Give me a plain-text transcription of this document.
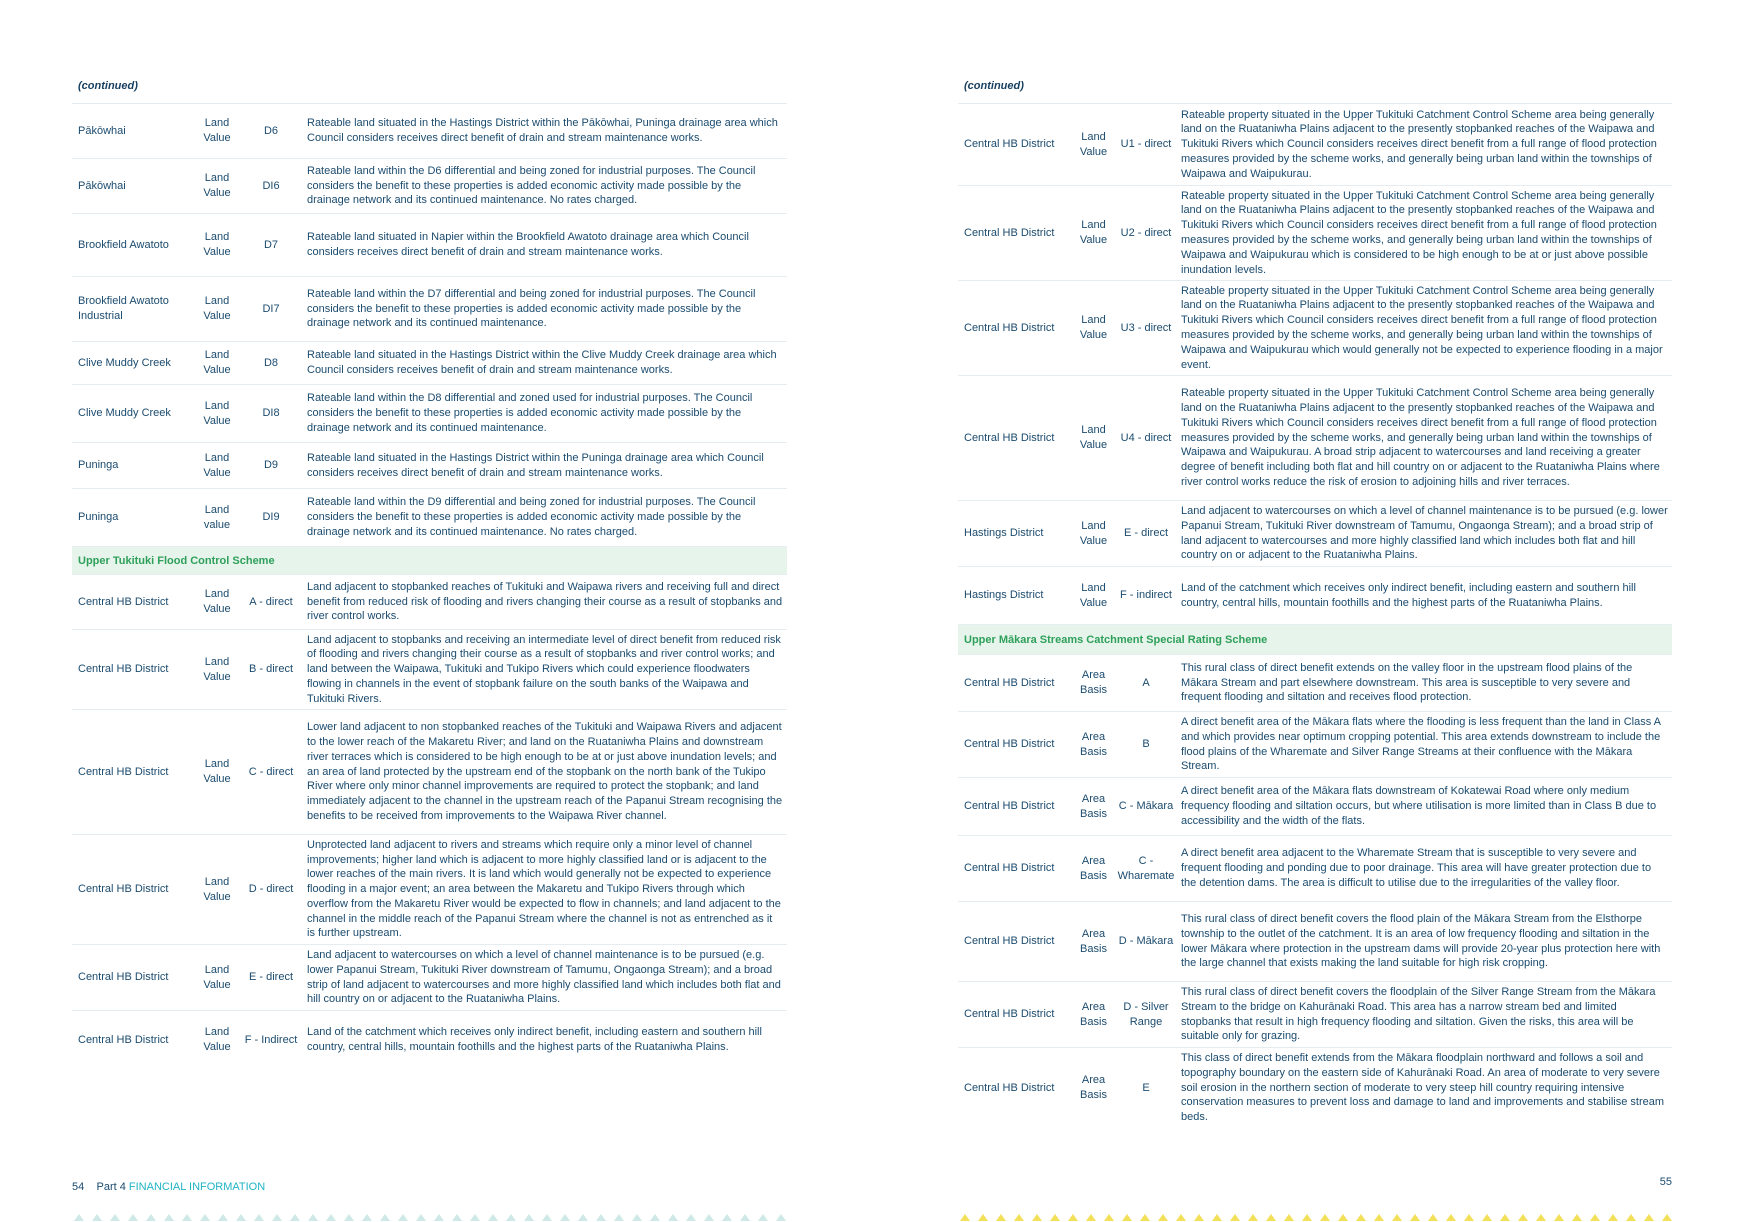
(continued)
Pākōwhai
Land Value
D6
Rateable land situated in the Hastings District within the Pākōwhai, Puninga drainage area which Council considers receives direct benefit of drain and stream maintenance works.
Pākōwhai
Land Value
DI6
Rateable land within the D6 differential and being zoned for industrial purposes. The Council considers the benefit to these properties is added economic activity made possible by the drainage network and its continued maintenance. No rates charged.
Brookfield Awatoto
Land Value
D7
Rateable land situated in Napier within the Brookfield Awatoto drainage area which Council considers receives direct benefit of drain and stream maintenance works.
Brookfield Awatoto Industrial
Land Value
DI7
Rateable land within the D7 differential and being zoned for industrial purposes. The Council considers the benefit to these properties is added economic activity made possible by the drainage network and its continued maintenance.
Clive Muddy Creek
Land Value
D8
Rateable land situated in the Hastings District within the Clive Muddy Creek drainage area which Council considers receives benefit of drain and stream maintenance works.
Clive Muddy Creek
Land Value
DI8
Rateable land within the D8 differential and zoned used for industrial purposes. The Council considers the benefit to these properties is added economic activity made possible by the drainage network and its continued maintenance.
Puninga
Land Value
D9
Rateable land situated in the Hastings District within the Puninga drainage area which Council considers receives direct benefit of drain and stream maintenance works.
Puninga
Land value
DI9
Rateable land within the D9 differential and being zoned for industrial purposes. The Council considers the benefit to these properties is added economic activity made possible by the drainage network and its continued maintenance. No rates charged.
Upper Tukituki Flood Control Scheme
Central HB District
Land Value
A - direct
Land adjacent to stopbanked reaches of Tukituki and Waipawa rivers and receiving full and direct benefit from reduced risk of flooding and rivers changing their course as a result of stopbanks and river control works.
Central HB District
Land Value
B - direct
Land adjacent to stopbanks and receiving an intermediate level of direct benefit from reduced risk of flooding and rivers changing their course as a result of stopbanks and river control works; and land between the Waipawa, Tukituki and Tukipo Rivers which could experience floodwaters flowing in channels in the event of stopbank failure on the south banks of the Waipawa and Tukituki Rivers.
Central HB District
Land Value
C - direct
Lower land adjacent to non stopbanked reaches of the Tukituki and Waipawa Rivers and adjacent to the lower reach of the Makaretu River; and land on the Ruataniwha Plains and downstream river terraces which is considered to be high enough to be at or just above inundation levels; and an area of land protected by the upstream end of the stopbank on the north bank of the Tukipo River where only minor channel improvements are required to protect the stopbank; and land immediately adjacent to the channel in the upstream reach of the Papanui Stream recognising the benefits to be received from improvements to the Waipawa River channel.
Central HB District
Land Value
D - direct
Unprotected land adjacent to rivers and streams which require only a minor level of channel improvements; higher land which is adjacent to more highly classified land or is adjacent to the lower reaches of the main rivers. It is land which would generally not be expected to experience flooding in a major event; an area between the Makaretu and Tukipo Rivers through which overflow from the Makaretu River would be expected to flow in channels; and land adjacent to the channel in the middle reach of the Papanui Stream where the channel is not as entrenched as it is further upstream.
Central HB District
Land Value
E - direct
Land adjacent to watercourses on which a level of channel maintenance is to be pursued (e.g. lower Papanui Stream, Tukituki River downstream of Tamumu, Ongaonga Stream); and a broad strip of land adjacent to watercourses and more highly classified land which includes both flat and hill country on or adjacent to the Ruataniwha Plains.
Central HB District
Land Value
F - Indirect
Land of the catchment which receives only indirect benefit, including eastern and southern hill country, central hills, mountain foothills and the highest parts of the Ruataniwha Plains.
54 Part 4 FINANCIAL INFORMATION
(continued)
Central HB District
Land Value
U1 - direct
Rateable property situated in the Upper Tukituki Catchment Control Scheme area being generally land on the Ruataniwha Plains adjacent to the presently stopbanked reaches of the Waipawa and Tukituki Rivers which Council considers receives direct benefit from a full range of flood protection measures provided by the scheme works, and generally being urban land within the townships of Waipawa and Waipukurau.
Central HB District
Land Value
U2 - direct
Rateable property situated in the Upper Tukituki Catchment Control Scheme area being generally land on the Ruataniwha Plains adjacent to the presently stopbanked reaches of the Waipawa and Tukituki Rivers which Council considers receives direct benefit from a full range of flood protection measures provided by the scheme works, and generally being urban land within the townships of Waipawa and Waipukurau which is considered to be high enough to be at or just above possible inundation levels.
Central HB District
Land Value
U3 - direct
Rateable property situated in the Upper Tukituki Catchment Control Scheme area being generally land on the Ruataniwha Plains adjacent to the presently stopbanked reaches of the Waipawa and Tukituki Rivers which Council considers receives direct benefit from a full range of flood protection measures provided by the scheme works, and generally being urban land within the townships of Waipawa and Waipukurau which would generally not be expected to experience flooding in a major event.
Central HB District
Land Value
U4 - direct
Rateable property situated in the Upper Tukituki Catchment Control Scheme area being generally land on the Ruataniwha Plains adjacent to the presently stopbanked reaches of the Waipawa and Tukituki Rivers which Council considers receives direct benefit from a full range of flood protection measures provided by the scheme works, and generally being urban land within the townships of Waipawa and Waipukurau. A broad strip adjacent to watercourses and land receiving a greater degree of benefit including both flat and hill country on or adjacent to the Ruataniwha Plains where river control works reduce the risk of erosion to adjoining hills and river terraces.
Hastings District
Land Value
E - direct
Land adjacent to watercourses on which a level of channel maintenance is to be pursued (e.g. lower Papanui Stream, Tukituki River downstream of Tamumu, Ongaonga Stream); and a broad strip of land adjacent to watercourses and more highly classified land which includes both flat and hill country on or adjacent to the Ruataniwha Plains.
Hastings District
Land Value
F - indirect
Land of the catchment which receives only indirect benefit, including eastern and southern hill country, central hills, mountain foothills and the highest parts of the Ruataniwha Plains.
Upper Mākara Streams Catchment Special Rating Scheme
Central HB District
Area Basis
A
This rural class of direct benefit extends on the valley floor in the upstream flood plains of the Mākara Stream and part elsewhere downstream. This area is susceptible to very severe and frequent flooding and siltation and receives flood protection.
Central HB District
Area Basis
B
A direct benefit area of the Mākara flats where the flooding is less frequent than the land in Class A and which provides near optimum cropping potential. This area extends downstream to include the flood plains of the Wharemate and Silver Range Streams at their confluence with the Mākara Stream.
Central HB District
Area Basis
C - Mākara
A direct benefit area of the Mākara flats downstream of Kokatewai Road where only medium frequency flooding and siltation occurs, but where utilisation is more limited than in Class B due to accessibility and the width of the flats.
Central HB District
Area Basis
C - Wharemate
A direct benefit area adjacent to the Wharemate Stream that is susceptible to very severe and frequent flooding and ponding due to poor drainage. This area will have greater protection due to the detention dams. The area is difficult to utilise due to the irregularities of the valley floor.
Central HB District
Area Basis
D - Mākara
This rural class of direct benefit covers the flood plain of the Mākara Stream from the Elsthorpe township to the outlet of the catchment. It is an area of low frequency flooding and siltation in the lower Mākara where protection in the upstream dams will provide 20-year plus protection here with the large channel that exists making the land suitable for high risk cropping.
Central HB District
Area Basis
D - Silver Range
This rural class of direct benefit covers the floodplain of the Silver Range Stream from the Mākara Stream to the bridge on Kahurānaki Road. This area has a narrow stream bed and limited stopbanks that result in high frequency flooding and siltation. Given the risks, this area will be suitable only for grazing.
Central HB District
Area Basis
E
This class of direct benefit extends from the Mākara floodplain northward and follows a soil and topography boundary on the eastern side of Kahurānaki Road. An area of moderate to very severe soil erosion in the northern section of moderate to very steep hill country requiring intensive conservation measures to prevent loss and damage to land and improvements and stabilise stream beds.
55
